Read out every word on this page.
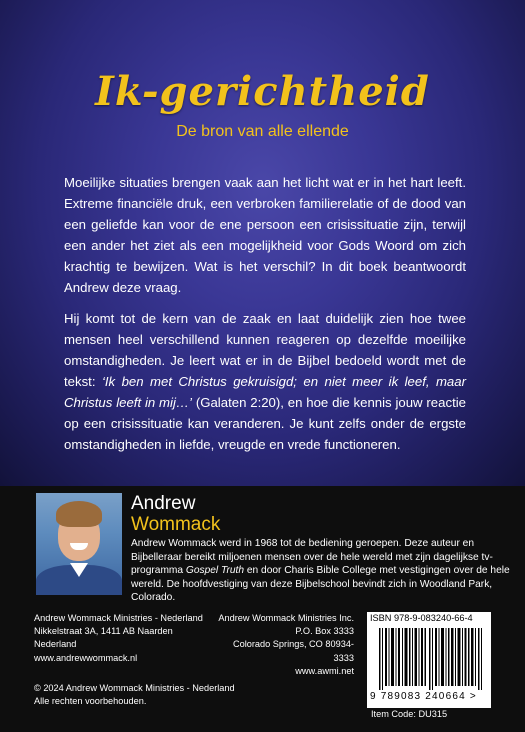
Ik-gerichtheid
De bron van alle ellende
Moeilijke situaties brengen vaak aan het licht wat er in het hart leeft. Extreme financiële druk, een verbroken familierelatie of de dood van een geliefde kan voor de ene persoon een crisissituatie zijn, terwijl een ander het ziet als een mogelijkheid voor Gods Woord om zich krachtig te bewijzen. Wat is het verschil? In dit boek beantwoordt Andrew deze vraag.
Hij komt tot de kern van de zaak en laat duidelijk zien hoe twee mensen heel verschillend kunnen reageren op dezelfde moeilijke omstandigheden. Je leert wat er in de Bijbel bedoeld wordt met de tekst: ‘Ik ben met Christus gekruisigd; en niet meer ik leef, maar Christus leeft in mij…’ (Galaten 2:20), en hoe die kennis jouw reactie op een crisissituatie kan veranderen. Je kunt zelfs onder de ergste omstandigheden in liefde, vreugde en vrede functioneren.
Andrew
Wommack
Andrew Wommack werd in 1968 tot de bediening geroepen. Deze auteur en Bijbelleraar bereikt miljoenen mensen over de hele wereld met zijn dagelijkse tv-programma Gospel Truth en door Charis Bible College met vestigingen over de hele wereld. De hoofdvestiging van deze Bijbelschool bevindt zich in Woodland Park, Colorado.
Andrew Wommack Ministries - Nederland
Nikkelstraat 3A, 1411 AB Naarden
Nederland
www.andrewwommack.nl
Andrew Wommack Ministries Inc.
P.O. Box 3333
Colorado Springs, CO 80934-3333
www.awmi.net
© 2024 Andrew Wommack Ministries - Nederland
Alle rechten voorbehouden.
ISBN 978-9-083240-66-4
9 789083 240664 >
Item Code: DU315
